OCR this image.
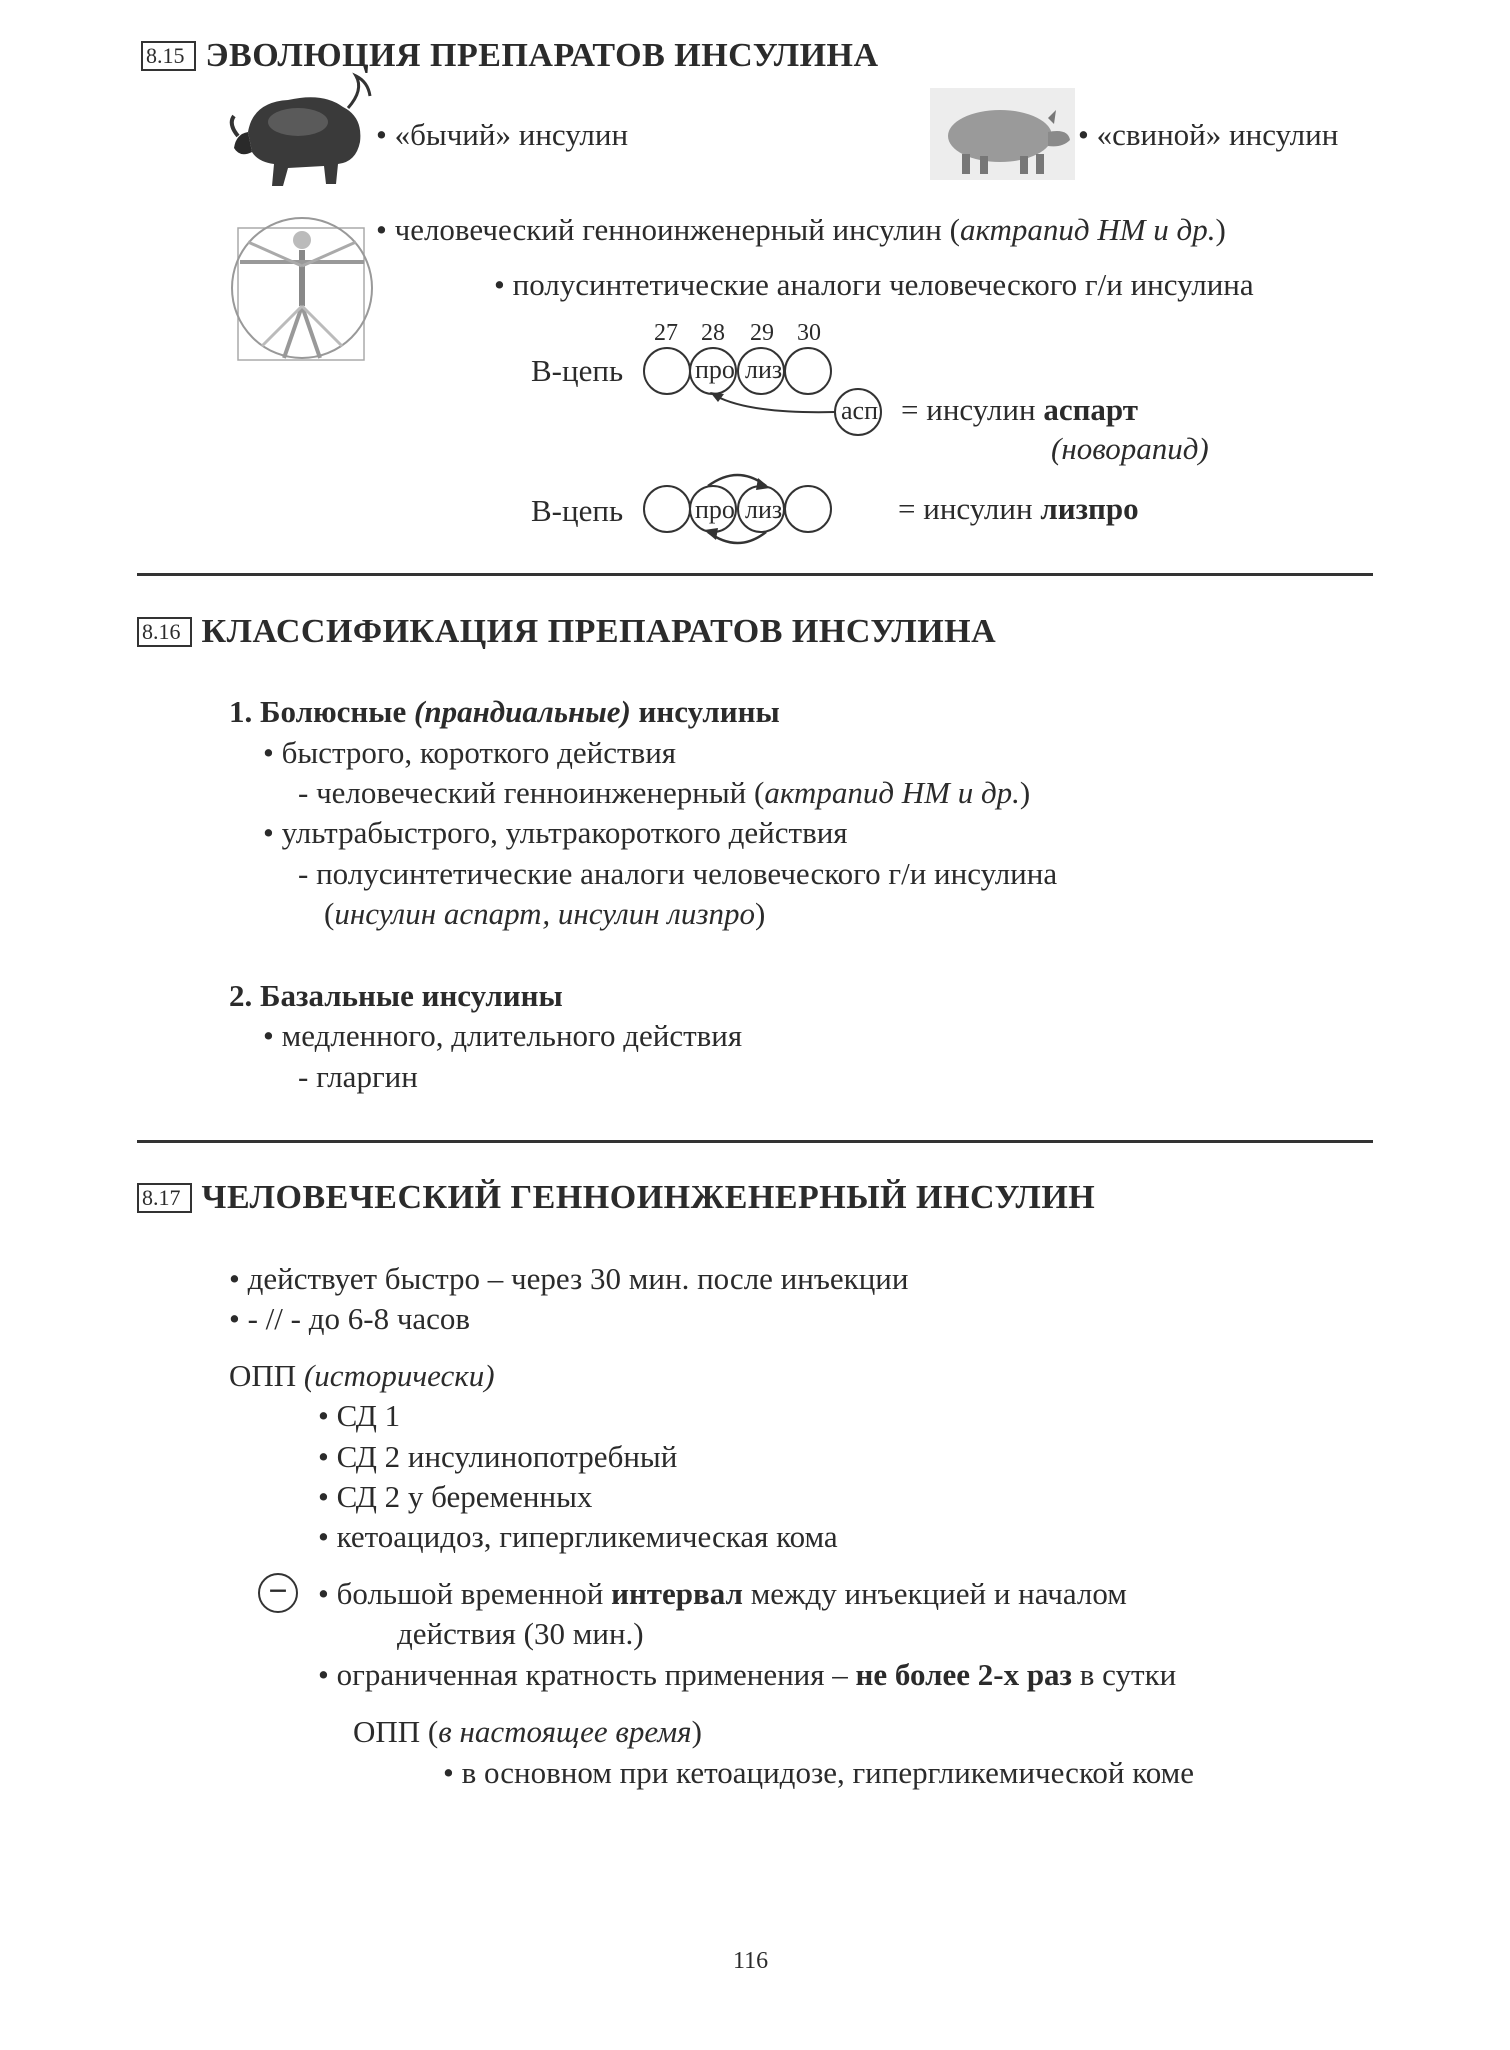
8.15 ЭВОЛЮЦИЯ ПРЕПАРАТОВ ИНСУЛИНА
• «бычий» инсулин	• «свиной» инсулин
• человеческий генноинженерный инсулин (актрапид НМ и др.)
• полусинтетические аналоги человеческого г/и инсулина
27 28 29 30
В-цепь	про лиз
асп = инсулин аспарт
(новорапид)
В-цепь	про лиз	= инсулин лизпро
8.16 КЛАССИФИКАЦИЯ ПРЕПАРАТОВ ИНСУЛИНА
1. Болюсные (прандиальные) инсулины
• быстрого, короткого действия
- человеческий генноинженерный (актрапид НМ и др.)
• ультрабыстрого, ультракороткого действия
- полусинтетические аналоги человеческого г/и инсулина
(инсулин аспарт, инсулин лизпро)
2. Базальные инсулины
• медленного, длительного действия
- гларгин
8.17 ЧЕЛОВЕЧЕСКИЙ ГЕННОИНЖЕНЕРНЫЙ ИНСУЛИН
• действует быстро – через 30 мин. после инъекции
• - // - до 6-8 часов
ОПП (исторически)
• СД 1
• СД 2 инсулинопотребный
• СД 2 у беременных
• кетоацидоз, гипергликемическая кома
− • большой временной интервал между инъекцией и началом
действия (30 мин.)
• ограниченная кратность применения – не более 2-х раз в сутки
ОПП (в настоящее время)
• в основном при кетоацидозе, гипергликемической коме
116
